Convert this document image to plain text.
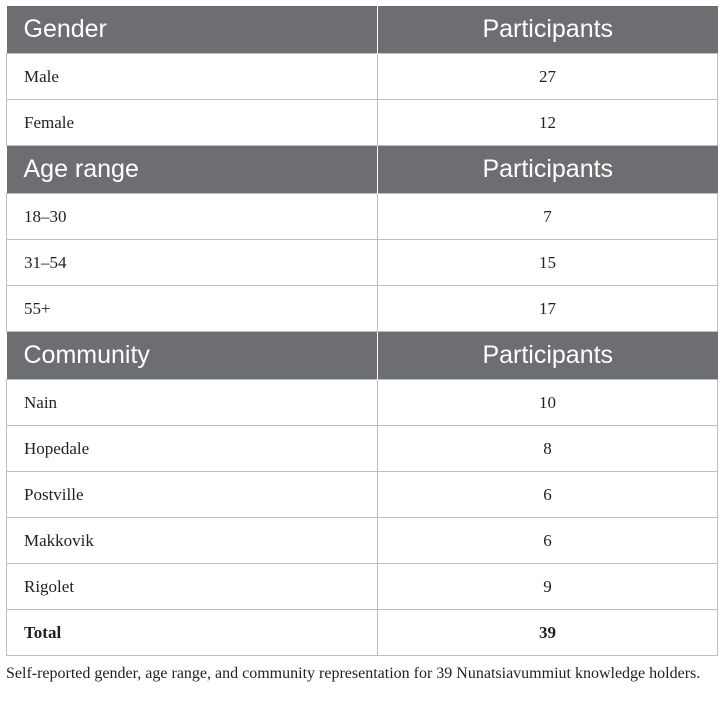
Gender	Participants
Male	27
Female	12
Age range	Participants
18–30	7
31–54	15
55+	17
Community	Participants
Nain	10
Hopedale	8
Postville	6
Makkovik	6
Rigolet	9
Total	39
Self-reported gender, age range, and community representation for 39 Nunatsiavummiut knowledge holders.
